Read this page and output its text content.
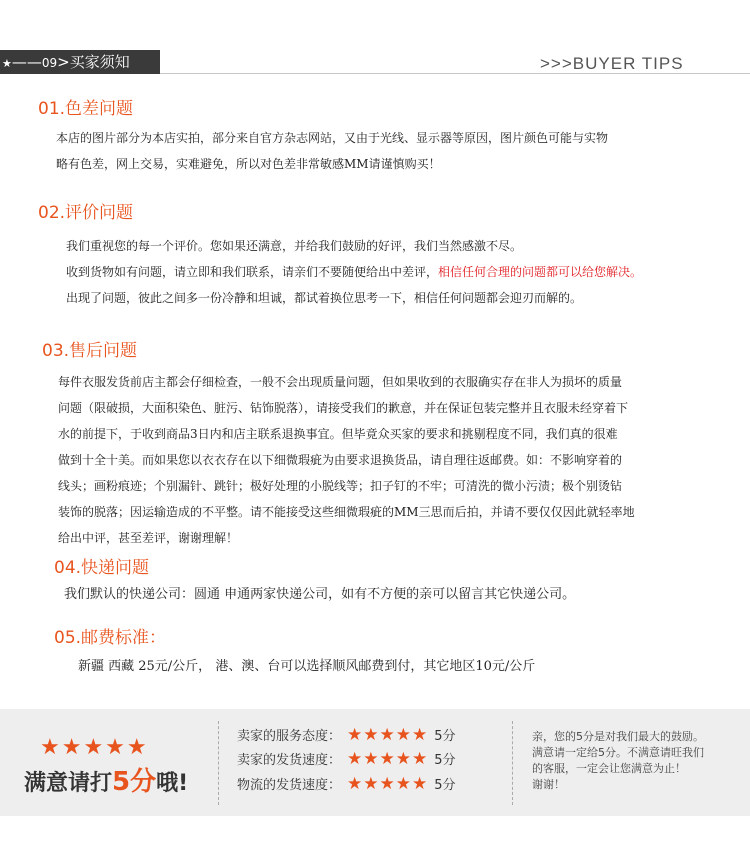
★——09>买家须知	>>>BUYER TIPS
01.色差问题

本店的图片部分为本店实拍，部分来自官方杂志网站，又由于光线、显示器等原因，图片颜色可能与实物

略有色差，网上交易，实难避免，所以对色差非常敏感MM请谨慎购买！

02.评价问题

我们重视您的每一个评价。您如果还满意，并给我们鼓励的好评，我们当然感激不尽。

收到货物如有问题，请立即和我们联系，请亲们不要随便给出中差评，相信任何合理的问题都可以给您解决。

出现了问题，彼此之间多一份冷静和坦诚，都试着换位思考一下，相信任何问题都会迎刃而解的。

03.售后问题

每件衣服发货前店主都会仔细检查，一般不会出现质量问题，但如果收到的衣服确实存在非人为损坏的质量

问题（限破损，大面积染色、脏污、钻饰脱落），请接受我们的歉意，并在保证包装完整并且衣服未经穿着下

水的前提下，于收到商品3日内和店主联系退换事宜。但毕竟众买家的要求和挑剔程度不同，我们真的很难

做到十全十美。而如果您以衣衣存在以下细微瑕疵为由要求退换货品，请自理往返邮费。如：不影响穿着的

线头；画粉痕迹；个别漏针、跳针；极好处理的小脱线等；扣子钉的不牢；可清洗的微小污渍；极个别烫钻

装饰的脱落；因运输造成的不平整。请不能接受这些细微瑕疵的MM三思而后拍，并请不要仅仅因此就轻率地

给出中评，甚至差评，谢谢理解！

04.快递问题

我们默认的快递公司：圆通 申通两家快递公司，如有不方便的亲可以留言其它快递公司。

05.邮费标准：

新疆 西藏 25元/公斤， 港、澳、台可以选择顺风邮费到付，其它地区10元/公斤

★★★★★
满意请打5分哦!
卖家的服务态度： ★★★★★ 5分
卖家的发货速度： ★★★★★ 5分
物流的发货速度： ★★★★★ 5分

亲，您的5分是对我们最大的鼓励。

满意请一定给5分。不满意请旺我们

的客服，一定会让您满意为止！

谢谢！
